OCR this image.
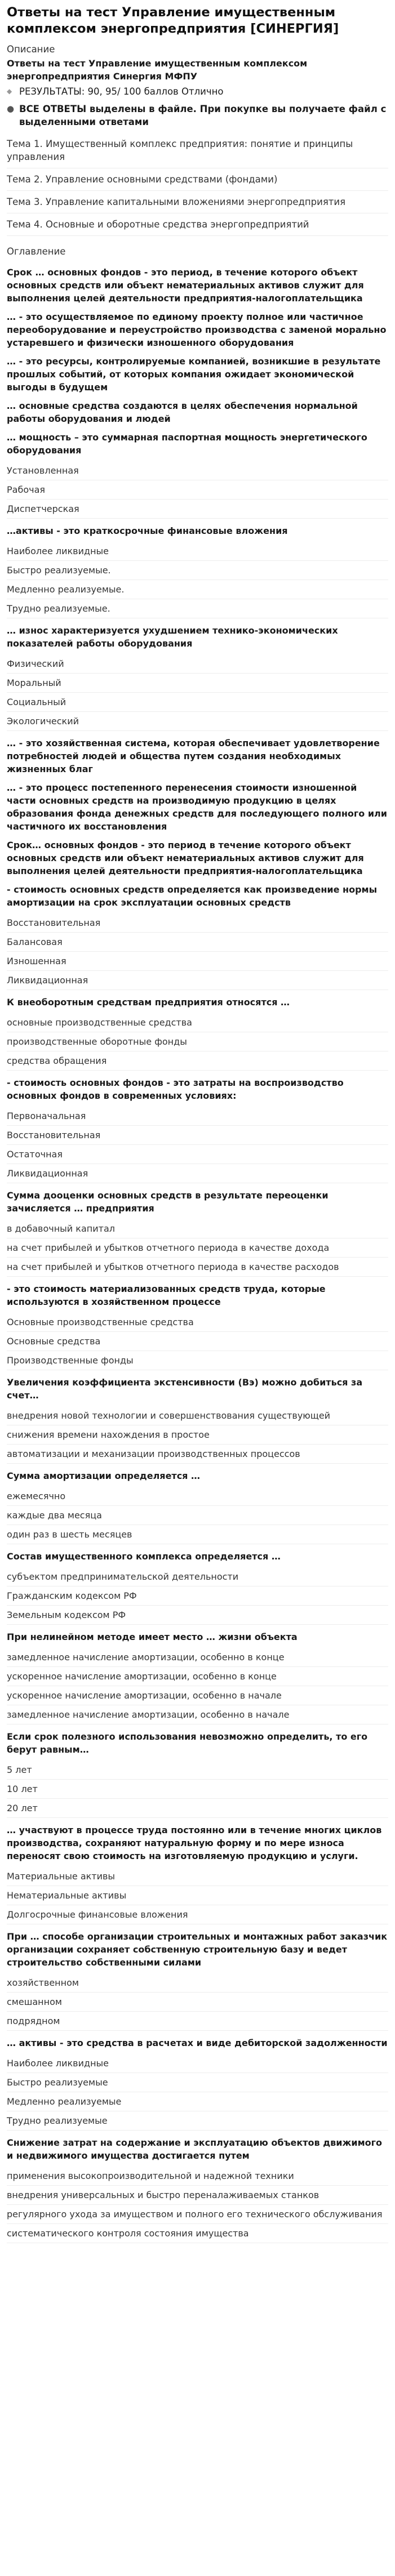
Ответы на тест Управление имущественным комплексом энергопредприятия [СИНЕРГИЯ]

Описание

Ответы на тест Управление имущественным комплексом энергопредприятия Синергия МФПУ

◆ РЕЗУЛЬТАТЫ: 90, 95/ 100 баллов Отлично
● ВСЕ ОТВЕТЫ выделены в файле. При покупке вы получаете файл с выделенными ответами

Тема 1. Имущественный комплекс предприятия: понятие и принципы управления

Тема 2. Управление основными средствами (фондами)

Тема 3. Управление капитальными вложениями энергопредприятия

Тема 4. Основные и оборотные средства энергопредприятий

Оглавление

Срок … основных фондов - это период, в течение которого объект основных средств или объект нематериальных активов служит для выполнения целей деятельности предприятия-налогоплательщика

… - это осуществляемое по единому проекту полное или частичное переоборудование и переустройство производства с заменой морально устаревшего и физически изношенного оборудования

… - это ресурсы, контролируемые компанией, возникшие в результате прошлых событий, от которых компания ожидает экономической выгоды в будущем

… основные средства создаются в целях обеспечения нормальной работы оборудования и людей

… мощность – это суммарная паспортная мощность энергетического оборудования

Установленная

Рабочая

Диспетчерская

…активы - это краткосрочные финансовые вложения

Наиболее ликвидные

Быстро реализуемые.

Медленно реализуемые.

Трудно реализуемые.

… износ характеризуется ухудшением технико-экономических показателей работы оборудования

Физический

Моральный

Социальный

Экологический

… - это хозяйственная система, которая обеспечивает удовлетворение потребностей людей и общества путем создания необходимых жизненных благ

… - это процесс постепенного перенесения стоимости изношенной части основных средств на производимую продукцию в целях образования фонда денежных средств для последующего полного или частичного их восстановления

Срок… основных фондов - это период в течение которого объект основных средств или объект нематериальных активов служит для выполнения целей деятельности предприятия-налогоплательщика

- стоимость основных средств определяется как произведение нормы амортизации на срок эксплуатации основных средств

Восстановительная

Балансовая

Изношенная

Ликвидационная

К внеоборотным средствам предприятия относятся …

основные производственные средства

производственные оборотные фонды

средства обращения

- стоимость основных фондов - это затраты на воспроизводство основных фондов в современных условиях:

Первоначальная

Восстановительная

Остаточная

Ликвидационная

Сумма дооценки основных средств в результате переоценки зачисляется … предприятия

в добавочный капитал

на счет прибылей и убытков отчетного периода в качестве дохода

на счет прибылей и убытков отчетного периода в качестве расходов

- это стоимость материализованных средств труда, которые используются в хозяйственном процессе

Основные производственные средства

Основные средства

Производственные фонды

Увеличения коэффициента экстенсивности (Вэ) можно добиться за счет…

внедрения новой технологии и совершенствования существующей

снижения времени нахождения в простое

автоматизации и механизации производственных процессов

Сумма амортизации определяется …

ежемесячно

каждые два месяца

один раз в шесть месяцев

Состав имущественного комплекса определяется …

субъектом предпринимательской деятельности

Гражданским кодексом РФ

Земельным кодексом РФ

При нелинейном методе имеет место … жизни объекта

замедленное начисление амортизации, особенно в конце

ускоренное начисление амортизации, особенно в конце

ускоренное начисление амортизации, особенно в начале

замедленное начисление амортизации, особенно в начале

Если срок полезного использования невозможно определить, то его берут равным…

5 лет

10 лет

20 лет

… участвуют в процессе труда постоянно или в течение многих циклов производства, сохраняют натуральную форму и по мере износа переносят свою стоимость на изготовляемую продукцию и услуги.

Материальные активы

Нематериальные активы

Долгосрочные финансовые вложения

При … способе организации строительных и монтажных работ заказчик организации сохраняет собственную строительную базу и ведет строительство собственными силами

хозяйственном

смешанном

подрядном

… активы - это средства в расчетах и виде дебиторской задолженности

Наиболее ликвидные

Быстро реализуемые

Медленно реализуемые

Трудно реализуемые

Снижение затрат на содержание и эксплуатацию объектов движимого и недвижимого имущества достигается путем

применения высокопроизводительной и надежной техники

внедрения универсальных и быстро переналаживаемых станков

регулярного ухода за имуществом и полного его технического обслуживания

систематического контроля состояния имущества
